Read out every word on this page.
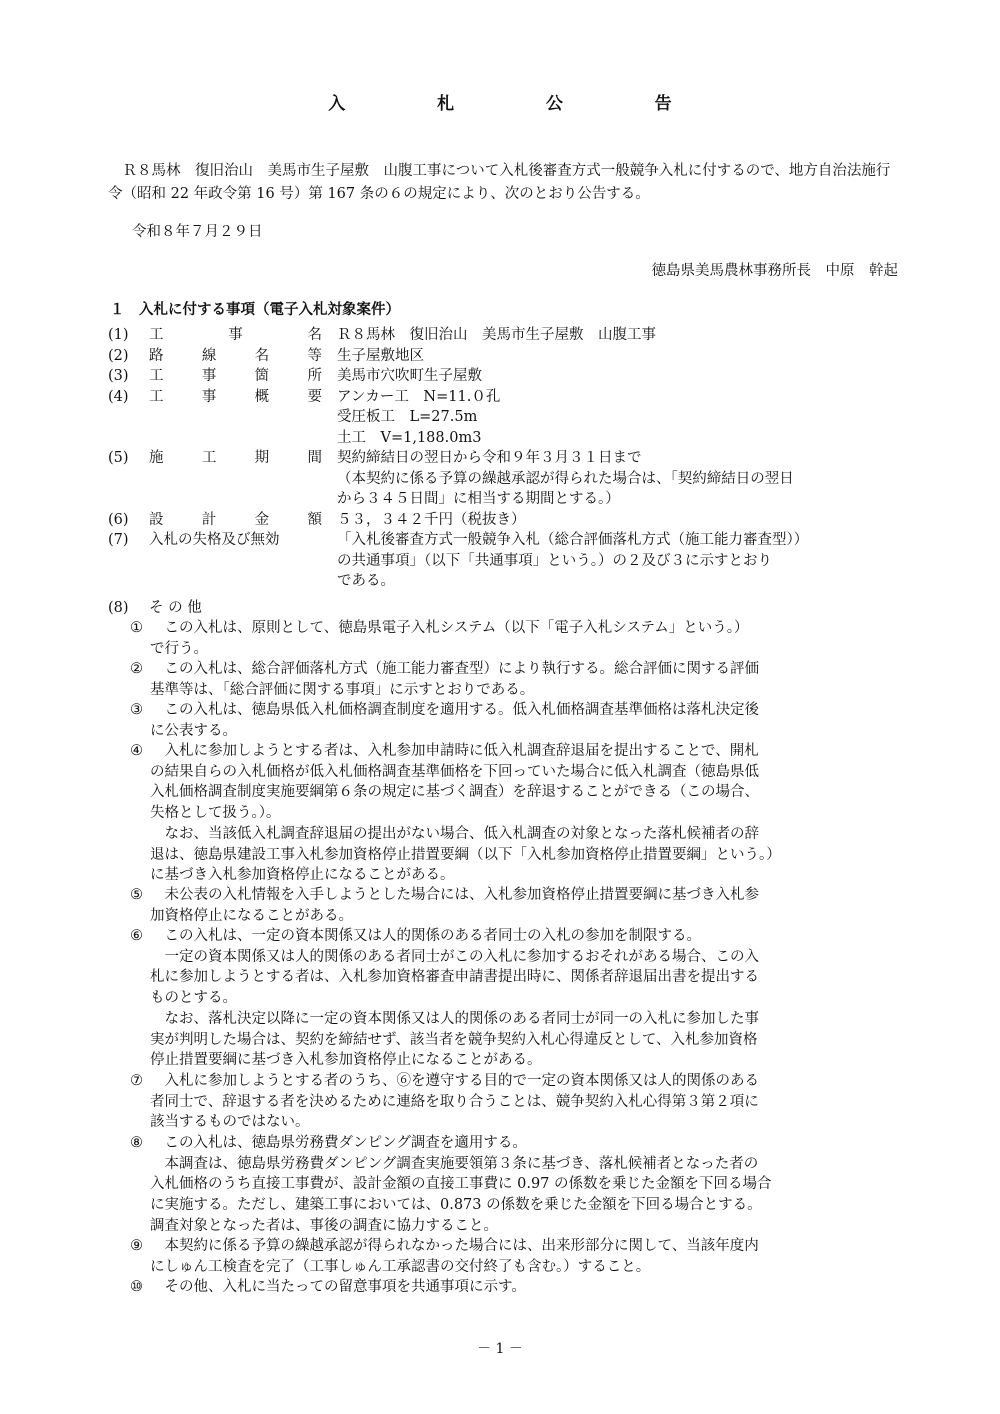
入　札　公　告

Ｒ８馬林　復旧治山　美馬市生子屋敷　山腹工事について入札後審査方式一般競争入札に付するので、地方自治法施行令（昭和 22 年政令第 16 号）第 167 条の６の規定により、次のとおり公告する。

令和８年７月２９日
徳島県美馬農林事務所長　中原　幹起
１　入札に付する事項（電子入札対象案件）
(1)	工	事	名 Ｒ８馬林　復旧治山　美馬市生子屋敷　山腹工事
(2)	路	線	名	等 生子屋敷地区
(3)	工	事	箇	所 美馬市穴吹町生子屋敷
(4)	工	事	概	要 アンカー工　N=11.０孔
受圧板工　L=27.5m
土工　V=1,188.0m3
(5)	施	工	期	間 契約締結日の翌日から令和９年３月３１日まで
（本契約に係る予算の繰越承認が得られた場合は、「契約締結日の翌日
から３４５日間」に相当する期間とする。）
(6)	設	計	金	額 ５３，３４２千円（税抜き）
(7)	入札の失格及び無効	「入札後審査方式一般競争入札（総合評価落札方式（施工能力審査型））
の共通事項」（以下「共通事項」という。）の２及び３に示すとおり
である。
(8) そ の 他
①	この入札は、原則として、徳島県電子入札システム（以下「電子入札システム」という。）
で行う。
②	この入札は、総合評価落札方式（施工能力審査型）により執行する。総合評価に関する評価
基準等は、「総合評価に関する事項」に示すとおりである。
③	この入札は、徳島県低入札価格調査制度を適用する。低入札価格調査基準価格は落札決定後
に公表する。
④	入札に参加しようとする者は、入札参加申請時に低入札調査辞退届を提出することで、開札
の結果自らの入札価格が低入札価格調査基準価格を下回っていた場合に低入札調査（徳島県低
入札価格調査制度実施要綱第６条の規定に基づく調査）を辞退することができる（この場合、
失格として扱う。）。
　なお、当該低入札調査辞退届の提出がない場合、低入札調査の対象となった落札候補者の辞
退は、徳島県建設工事入札参加資格停止措置要綱（以下「入札参加資格停止措置要綱」という。）
に基づき入札参加資格停止になることがある。
⑤	未公表の入札情報を入手しようとした場合には、入札参加資格停止措置要綱に基づき入札参
加資格停止になることがある。
⑥	この入札は、一定の資本関係又は人的関係のある者同士の入札の参加を制限する。
　一定の資本関係又は人的関係のある者同士がこの入札に参加するおそれがある場合、この入
札に参加しようとする者は、入札参加資格審査申請書提出時に、関係者辞退届出書を提出する
ものとする。
　なお、落札決定以降に一定の資本関係又は人的関係のある者同士が同一の入札に参加した事
実が判明した場合は、契約を締結せず、該当者を競争契約入札心得違反として、入札参加資格
停止措置要綱に基づき入札参加資格停止になることがある。
⑦	入札に参加しようとする者のうち、⑥を遵守する目的で一定の資本関係又は人的関係のある
者同士で、辞退する者を決めるために連絡を取り合うことは、競争契約入札心得第３第２項に
該当するものではない。
⑧	この入札は、徳島県労務費ダンピング調査を適用する。
　本調査は、徳島県労務費ダンピング調査実施要領第３条に基づき、落札候補者となった者の
入札価格のうち直接工事費が、設計金額の直接工事費に 0.97 の係数を乗じた金額を下回る場合
に実施する。ただし、建築工事においては、0.873 の係数を乗じた金額を下回る場合とする。
調査対象となった者は、事後の調査に協力すること。
⑨	本契約に係る予算の繰越承認が得られなかった場合には、出来形部分に関して、当該年度内
にしゅん工検査を完了（工事しゅん工承認書の交付終了も含む。）すること。
⑩	その他、入札に当たっての留意事項を共通事項に示す。
－ 1 －
